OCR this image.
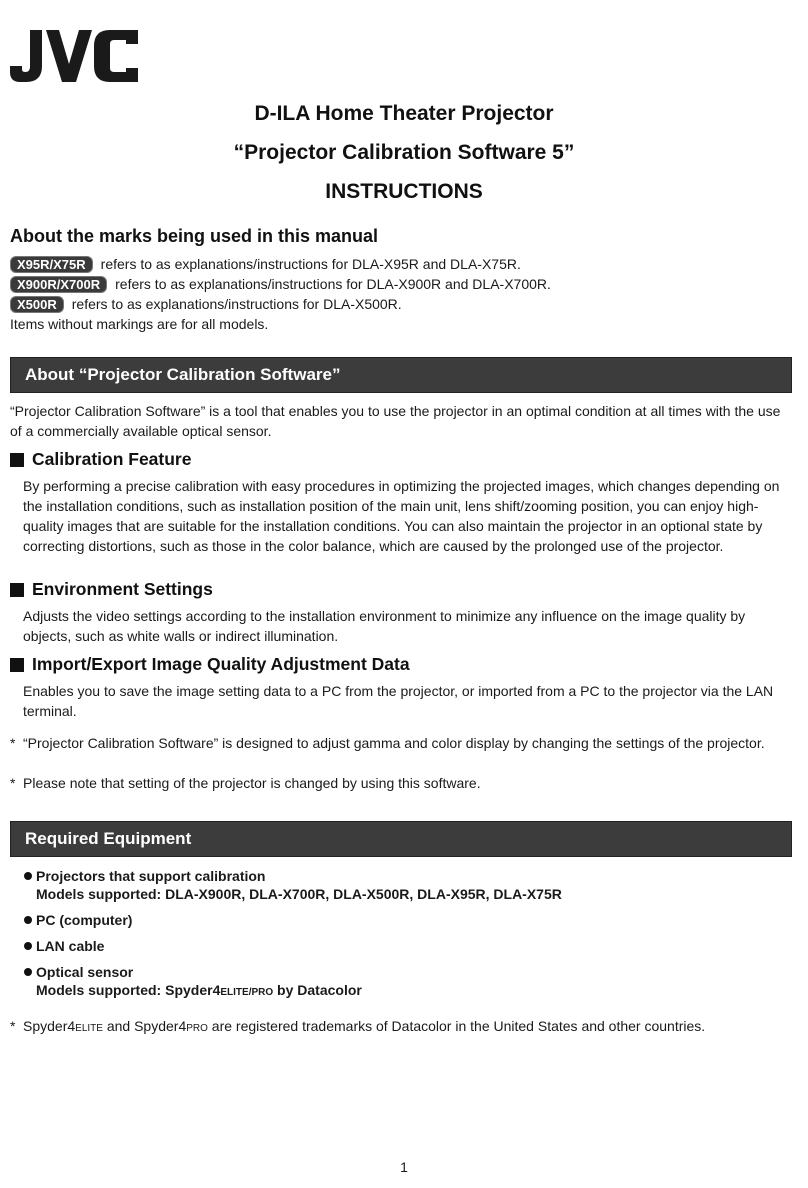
D-ILA Home Theater Projector
“Projector Calibration Software 5”
INSTRUCTIONS
About the marks being used in this manual
X95R/X75R	refers to as explanations/instructions for DLA-X95R and DLA-X75R.
X900R/X700R	refers to as explanations/instructions for DLA-X900R and DLA-X700R.
X500R	refers to as explanations/instructions for DLA-X500R.
Items without markings are for all models.
About “Projector Calibration Software”
“Projector Calibration Software” is a tool that enables you to use the projector in an optimal condition at all times with the use of a commercially available optical sensor.
Calibration Feature
By performing a precise calibration with easy procedures in optimizing the projected images, which changes depending on the installation conditions, such as installation position of the main unit, lens shift/zooming position, you can enjoy high-quality images that are suitable for the installation conditions. You can also maintain the projector in an optional state by correcting distortions, such as those in the color balance, which are caused by the prolonged use of the projector.
Environment Settings
Adjusts the video settings according to the installation environment to minimize any influence on the image quality by objects, such as white walls or indirect illumination.
Import/Export Image Quality Adjustment Data
Enables you to save the image setting data to a PC from the projector, or imported from a PC to the projector via the LAN terminal.
* “Projector Calibration Software” is designed to adjust gamma and color display by changing the settings of the projector.
* Please note that setting of the projector is changed by using this software.
Required Equipment
Projectors that support calibration
Models supported: DLA-X900R, DLA-X700R, DLA-X500R, DLA-X95R, DLA-X75R
PC (computer)
LAN cable
Optical sensor
Models supported: Spyder4ELITE/PRO by Datacolor
* Spyder4ELITE and Spyder4PRO are registered trademarks of Datacolor in the United States and other countries.
1
